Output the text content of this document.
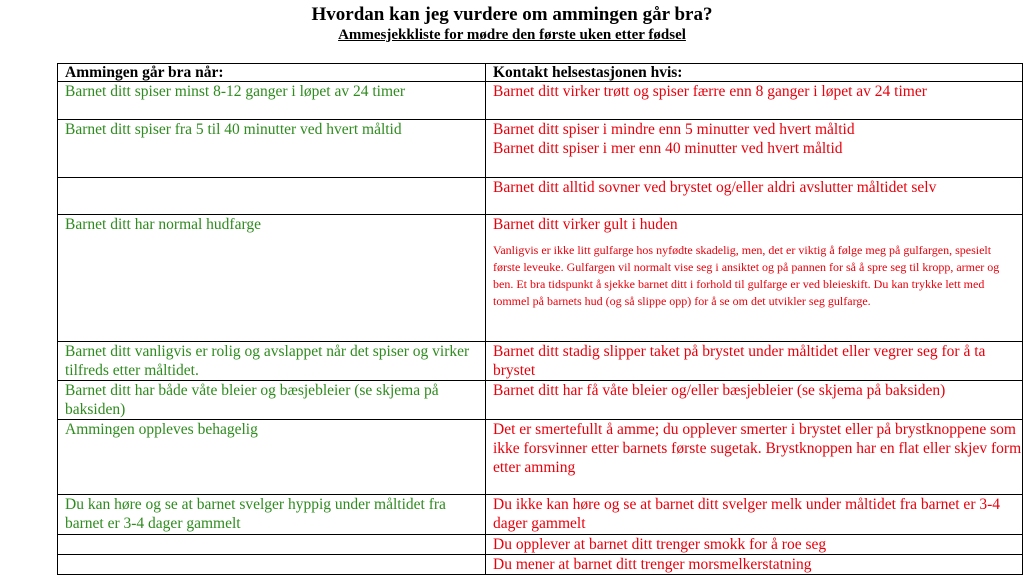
Hvordan kan jeg vurdere om ammingen går bra?
Ammesjekkliste for mødre den første uken etter fødsel
Ammingen går bra når:	Kontakt helsestasjonen hvis:
Barnet ditt spiser minst 8-12 ganger i løpet av 24 timer	Barnet ditt virker trøtt og spiser færre enn 8 ganger i løpet av 24 timer

Barnet ditt spiser fra 5 til 40 minutter ved hvert måltid	Barnet ditt spiser i mindre enn 5 minutter ved hvert måltid
Barnet ditt spiser i mer enn 40 minutter ved hvert måltid

	Barnet ditt alltid sovner ved brystet og/eller aldri avslutter måltidet selv

Barnet ditt har normal hudfarge	Barnet ditt virker gult i huden
Vanligvis er ikke litt gulfarge hos nyfødte skadelig, men, det er viktig å følge meg på gulfargen, spesielt første leveuke. Gulfargen vil normalt vise seg i ansiktet og på pannen for så å spre seg til kropp, armer og ben. Et bra tidspunkt å sjekke barnet ditt i forhold til gulfarge er ved bleieskift. Du kan trykke lett med tommel på barnets hud (og så slippe opp) for å se om det utvikler seg gulfarge.

Barnet ditt vanligvis er rolig og avslappet når det spiser og virker tilfreds etter måltidet.	Barnet ditt stadig slipper taket på brystet under måltidet eller vegrer seg for å ta brystet

Barnet ditt har både våte bleier og bæsjebleier (se skjema på baksiden)	Barnet ditt har få våte bleier og/eller bæsjebleier (se skjema på baksiden)

Ammingen oppleves behagelig	Det er smertefullt å amme; du opplever smerter i brystet eller på brystknoppene som ikke forsvinner etter barnets første sugetak. Brystknoppen har en flat eller skjev form etter amming

Du kan høre og se at barnet svelger hyppig under måltidet fra barnet er 3-4 dager gammelt	Du ikke kan høre og se at barnet ditt svelger melk under måltidet fra barnet er 3-4 dager gammelt

	Du opplever at barnet ditt trenger smokk for å roe seg

	Du mener at barnet ditt trenger morsmelkerstatning
